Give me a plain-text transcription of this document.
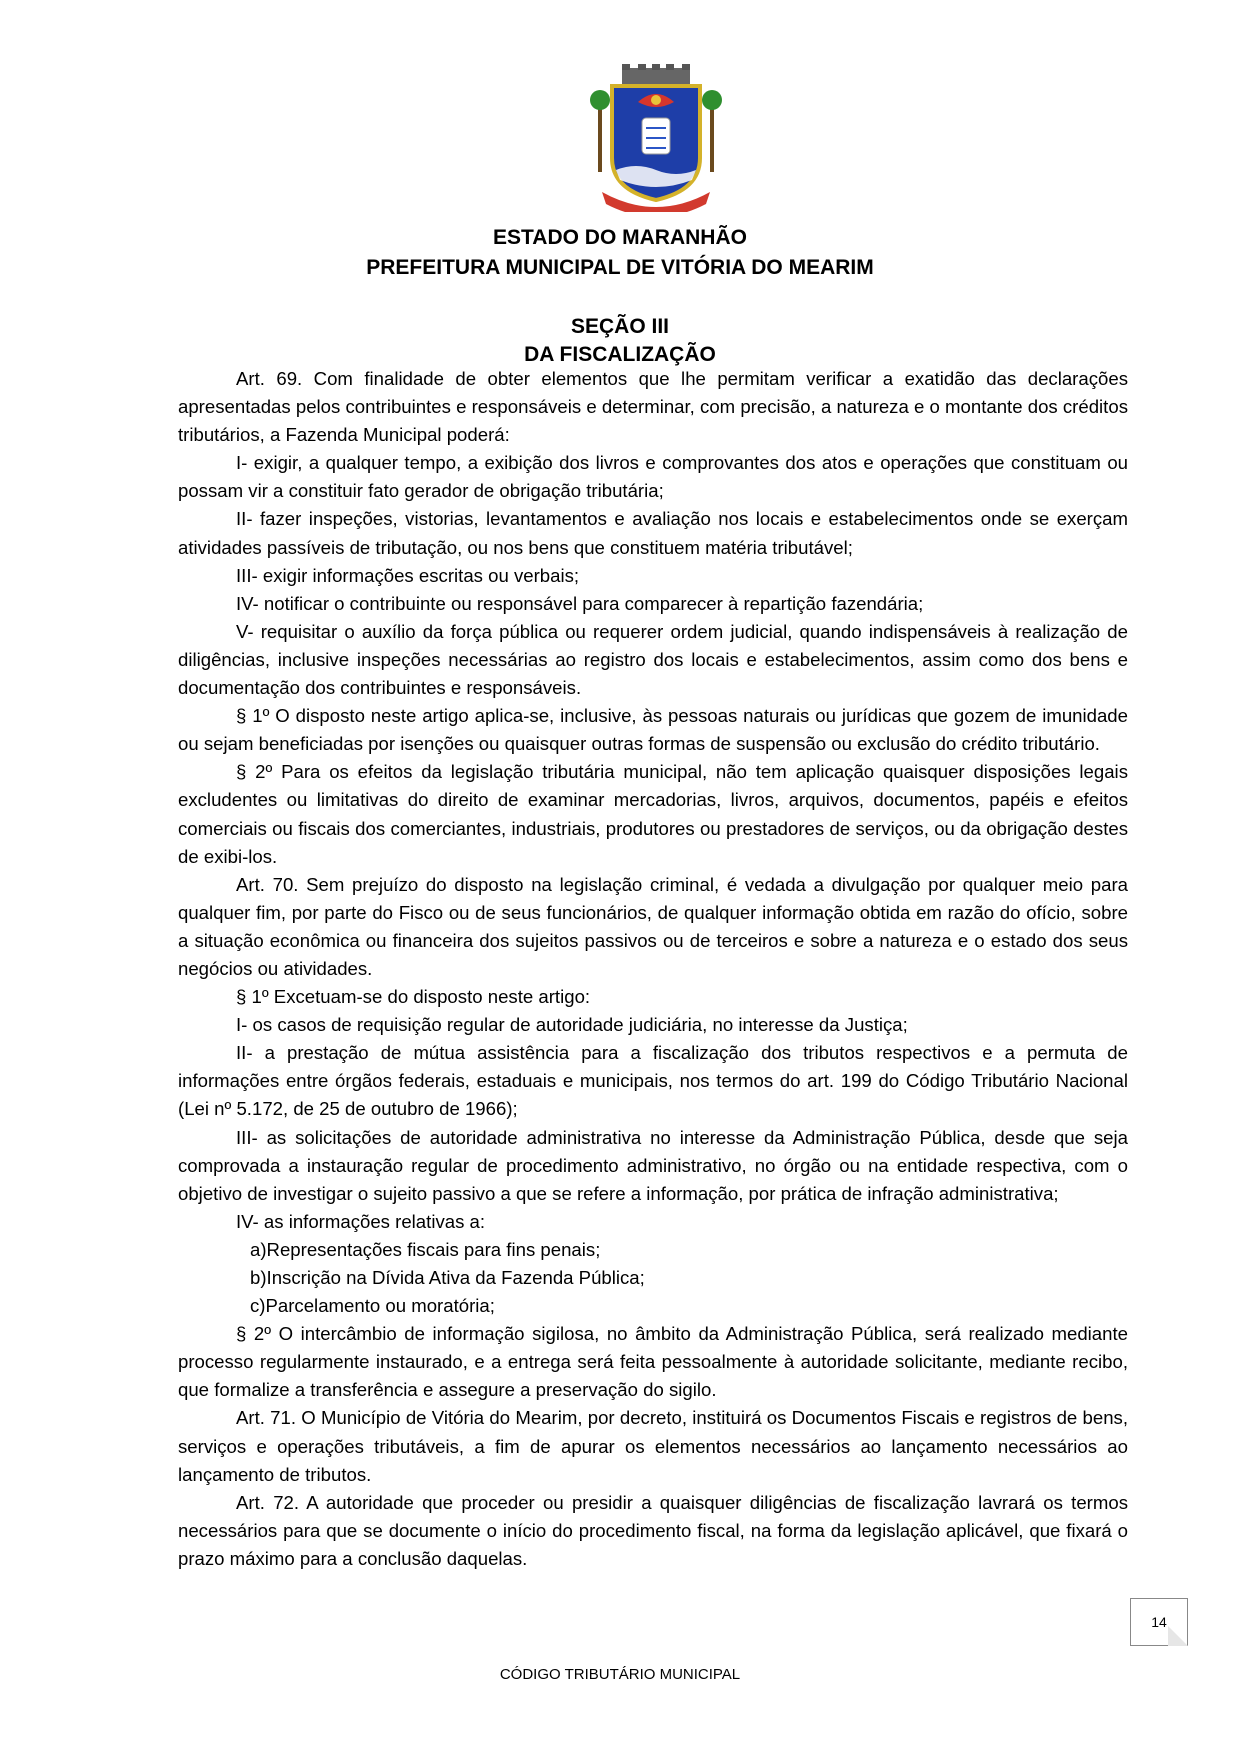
ESTADO DO MARANHÃO
PREFEITURA MUNICIPAL DE VITÓRIA DO MEARIM
SEÇÃO III
DA FISCALIZAÇÃO

Art. 69. Com finalidade de obter elementos que lhe permitam verificar a exatidão das declarações apresentadas pelos contribuintes e responsáveis e determinar, com precisão, a natureza e o montante dos créditos tributários, a Fazenda Municipal poderá:

I- exigir, a qualquer tempo, a exibição dos livros e comprovantes dos atos e operações que constituam ou possam vir a constituir fato gerador de obrigação tributária;

II- fazer inspeções, vistorias, levantamentos e avaliação nos locais e estabelecimentos onde se exerçam atividades passíveis de tributação, ou nos bens que constituem matéria tributável;

III- exigir informações escritas ou verbais;

IV- notificar o contribuinte ou responsável para comparecer à repartição fazendária;

V- requisitar o auxílio da força pública ou requerer ordem judicial, quando indispensáveis à realização de diligências, inclusive inspeções necessárias ao registro dos locais e estabelecimentos, assim como dos bens e documentação dos contribuintes e responsáveis.

§ 1º O disposto neste artigo aplica-se, inclusive, às pessoas naturais ou jurídicas que gozem de imunidade ou sejam beneficiadas por isenções ou quaisquer outras formas de suspensão ou exclusão do crédito tributário.

§ 2º Para os efeitos da legislação tributária municipal, não tem aplicação quaisquer disposições legais excludentes ou limitativas do direito de examinar mercadorias, livros, arquivos, documentos, papéis e efeitos comerciais ou fiscais dos comerciantes, industriais, produtores ou prestadores de serviços, ou da obrigação destes de exibi-los.

Art. 70. Sem prejuízo do disposto na legislação criminal, é vedada a divulgação por qualquer meio para qualquer fim, por parte do Fisco ou de seus funcionários, de qualquer informação obtida em razão do ofício, sobre a situação econômica ou financeira dos sujeitos passivos ou de terceiros e sobre a natureza e o estado dos seus negócios ou atividades.

§ 1º Excetuam-se do disposto neste artigo:

I- os casos de requisição regular de autoridade judiciária, no interesse da Justiça;

II- a prestação de mútua assistência para a fiscalização dos tributos respectivos e a permuta de informações entre órgãos federais, estaduais e municipais, nos termos do art. 199 do Código Tributário Nacional (Lei nº 5.172, de 25 de outubro de 1966);

III- as solicitações de autoridade administrativa no interesse da Administração Pública, desde que seja comprovada a instauração regular de procedimento administrativo, no órgão ou na entidade respectiva, com o objetivo de investigar o sujeito passivo a que se refere a informação, por prática de infração administrativa;

IV- as informações relativas a:

a)Representações fiscais para fins penais;

b)Inscrição na Dívida Ativa da Fazenda Pública;

c)Parcelamento ou moratória;

§ 2º O intercâmbio de informação sigilosa, no âmbito da Administração Pública, será realizado mediante processo regularmente instaurado, e a entrega será feita pessoalmente à autoridade solicitante, mediante recibo, que formalize a transferência e assegure a preservação do sigilo.

Art. 71. O Município de Vitória do Mearim, por decreto, instituirá os Documentos Fiscais e registros de bens, serviços e operações tributáveis, a fim de apurar os elementos necessários ao lançamento necessários ao lançamento de tributos.

Art. 72. A autoridade que proceder ou presidir a quaisquer diligências de fiscalização lavrará os termos necessários para que se documente o início do procedimento fiscal, na forma da legislação aplicável, que fixará o prazo máximo para a conclusão daquelas.

14
CÓDIGO TRIBUTÁRIO MUNICIPAL
